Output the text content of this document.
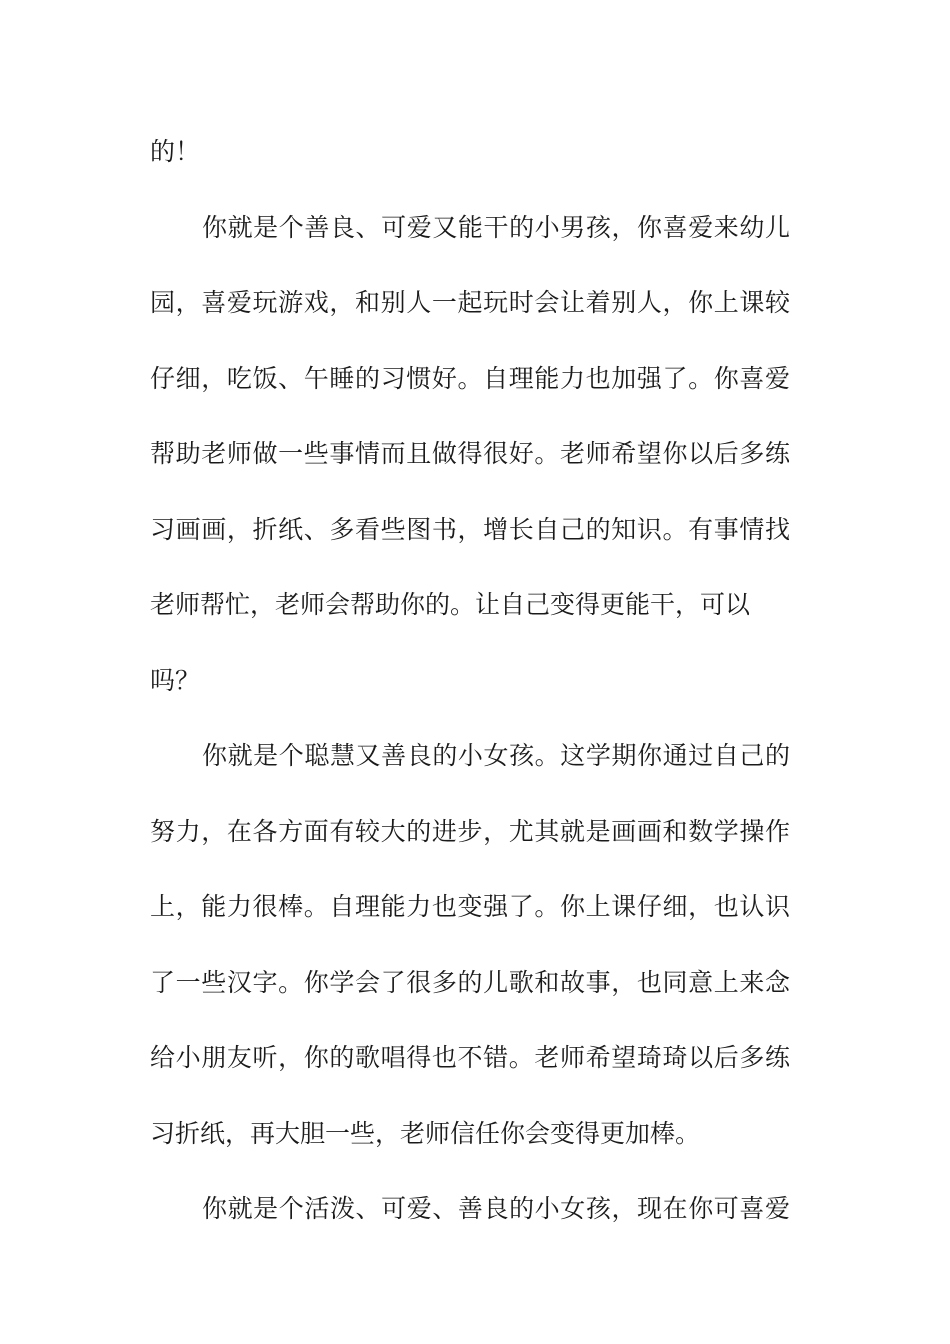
的！
你就是个善良、可爱又能干的小男孩，你喜爱来幼儿
园，喜爱玩游戏，和别人一起玩时会让着别人，你上课较
仔细，吃饭、午睡的习惯好。自理能力也加强了。你喜爱
帮助老师做一些事情而且做得很好。老师希望你以后多练
习画画，折纸、多看些图书，增长自己的知识。有事情找
老师帮忙，老师会帮助你的。让自己变得更能干，可以
吗？
你就是个聪慧又善良的小女孩。这学期你通过自己的
努力，在各方面有较大的进步，尤其就是画画和数学操作
上，能力很棒。自理能力也变强了。你上课仔细，也认识
了一些汉字。你学会了很多的儿歌和故事，也同意上来念
给小朋友听，你的歌唱得也不错。老师希望琦琦以后多练
习折纸，再大胆一些，老师信任你会变得更加棒。
你就是个活泼、可爱、善良的小女孩，现在你可喜爱
